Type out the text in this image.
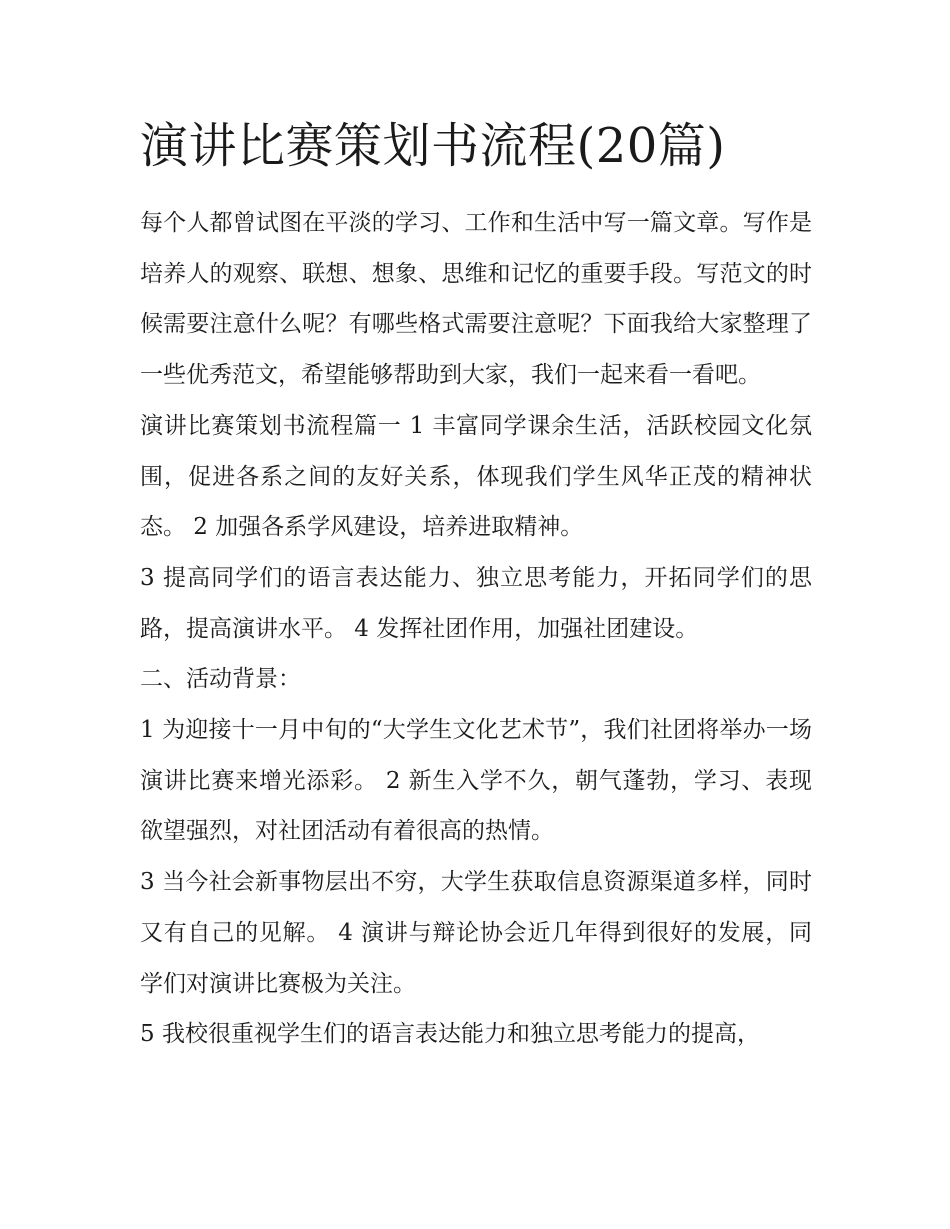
演讲比赛策划书流程(20篇)

每个人都曾试图在平淡的学习、工作和生活中写一篇文章。写作是培养人的观察、联想、想象、思维和记忆的重要手段。写范文的时候需要注意什么呢？有哪些格式需要注意呢？下面我给大家整理了一些优秀范文，希望能够帮助到大家，我们一起来看一看吧。

演讲比赛策划书流程篇一 1 丰富同学课余生活，活跃校园文化氛围，促进各系之间的友好关系，体现我们学生风华正茂的精神状态。 2 加强各系学风建设，培养进取精神。

3 提高同学们的语言表达能力、独立思考能力，开拓同学们的思路，提高演讲水平。 4 发挥社团作用，加强社团建设。

二、活动背景：

1 为迎接十一月中旬的“大学生文化艺术节”，我们社团将举办一场演讲比赛来增光添彩。 2 新生入学不久，朝气蓬勃，学习、表现欲望强烈，对社团活动有着很高的热情。

3 当今社会新事物层出不穷，大学生获取信息资源渠道多样，同时又有自己的见解。 4 演讲与辩论协会近几年得到很好的发展，同学们对演讲比赛极为关注。

5 我校很重视学生们的语言表达能力和独立思考能力的提高，
